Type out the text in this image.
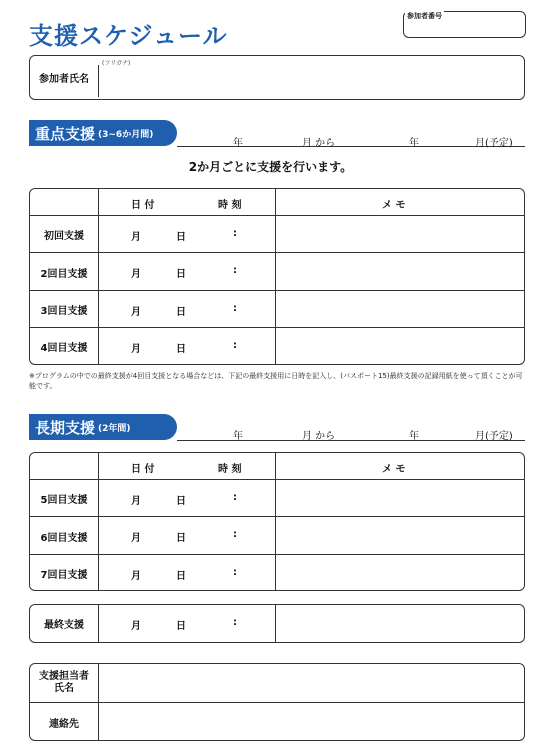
支援スケジュール
参加者番号
参加者氏名
(フリガナ)
重点支援 (3~6か月間)
年	月 から	年	月(予定)
2か月ごとに支援を行います。
日 付	時 刻	メ モ
初回支援	月	日	:
2回目支援	月	日	:
3回目支援	月	日	:
4回目支援	月	日	:
※プログラムの中での最終支援が4回目支援となる場合などは、下記の最終支援用に日時を記入し、(パスポート15)最終支援の記録用紙を使って頂くことが可能です。
長期支援 (2年間)
年	月 から	年	月(予定)
日 付	時 刻	メ モ
5回目支援	月	日	:
6回目支援	月	日	:
7回目支援	月	日	:
最終支援	月	日	:
支援担当者
氏名
連絡先
